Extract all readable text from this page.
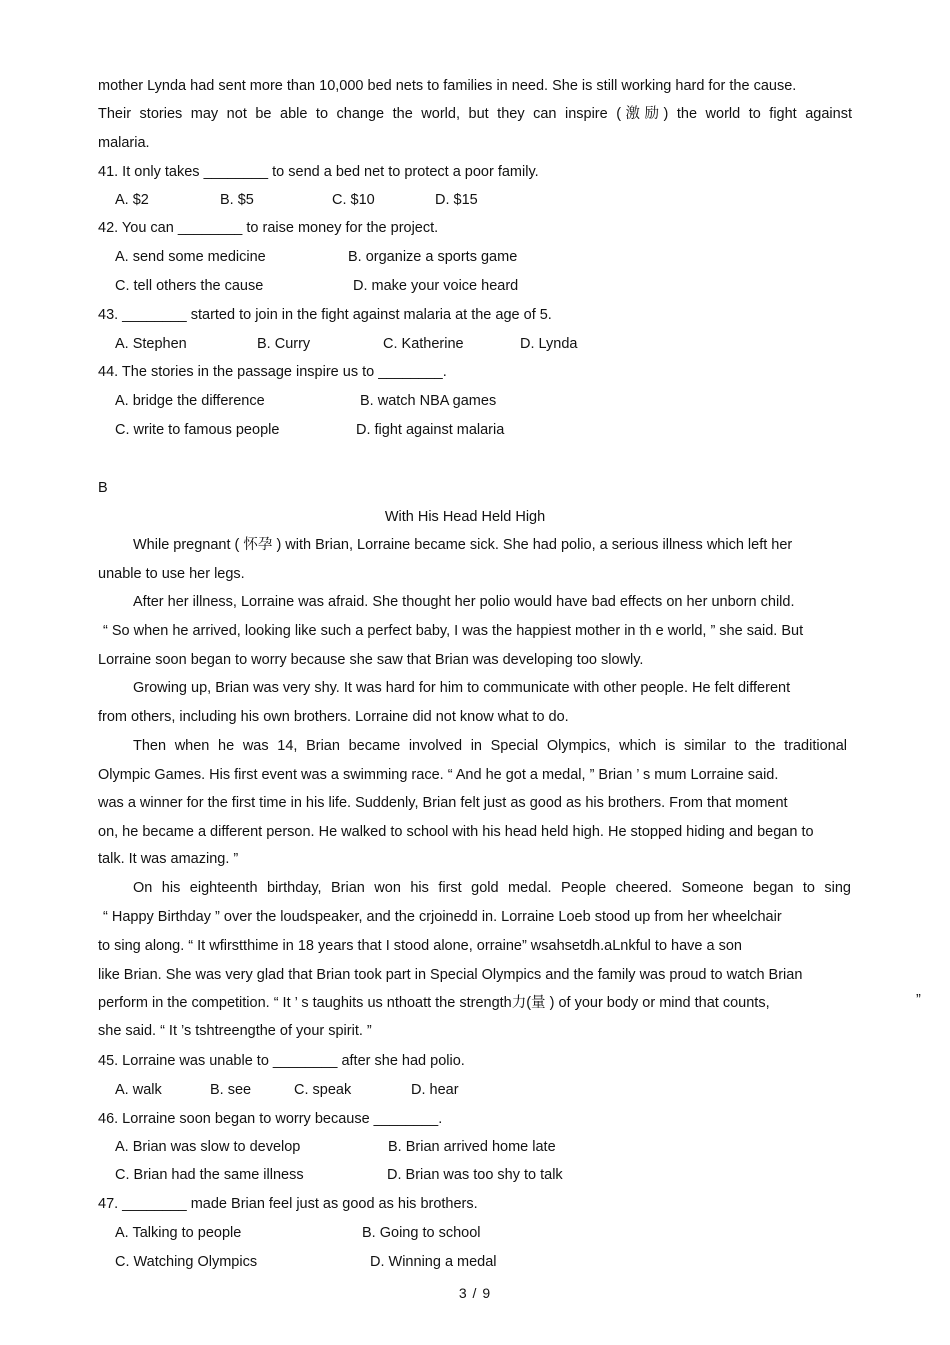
mother Lynda had sent more than 10,000 bed nets to families in need. She is still working hard for the cause.
Their stories may not be able to change the world, but they can inspire (激励) the world to fight against
malaria.
41. It only takes ________ to send a bed net to protect a poor family.
A. $2	B. $5	C. $10	D. $15
42. You can ________ to raise money for the project.
A. send some medicine	B. organize a sports game
C. tell others the cause	D. make your voice heard
43. ________ started to join in the fight against malaria at the age of 5.
A. Stephen	B. Curry	C. Katherine	D. Lynda
44. The stories in the passage inspire us to ________.
A. bridge the difference	B. watch NBA games
C. write to famous people	D. fight against malaria
B
With His Head Held High
While pregnant ( 怀孕 ) with Brian, Lorraine became sick. She had polio, a serious illness which left her
unable to use her legs.
After her illness, Lorraine was afraid. She thought her polio would have bad effects on her unborn child.
“ So when he arrived, looking like such a perfect baby, I was the happiest mother in th e world, ” she said. But
Lorraine soon began to worry because she saw that Brian was developing too slowly.
Growing up, Brian was very shy. It was hard for him to communicate with other people. He felt different
from others, including his own brothers. Lorraine did not know what to do.
Then when he was 14, Brian became involved in Special Olympics, which is similar to the traditional
Olympic Games. His first event was a swimming race. “ And he got a medal, ” Brian ’ s mum Lorraine said.
was a winner for the first time in his life. Suddenly, Brian felt just as good as his brothers. From that moment
on, he became a different person. He walked to school with his head held high. He stopped hiding and began to
talk. It was amazing. ”
On his eighteenth birthday, Brian won his first gold medal. People cheered. Someone began to sing
“ Happy Birthday ” over the loudspeaker, and the crjoinedd in. Lorraine Loeb stood up from her wheelchair
to sing along. “ It wfirstthime in 18 years that I stood alone, orraine” wsahsetdh.aLnkful to have a son
like Brian. She was very glad that Brian took part in Special Olympics and the family was proud to watch Brian
perform in the competition. “ It ’ s taughits us nthoatt the strength力(量 ) of your body or mind that counts,	”
she said. “ It ’s tshtreengthe of your spirit. ”
45. Lorraine was unable to ________ after she had polio.
A. walk	B. see	C. speak	D. hear
46. Lorraine soon began to worry because ________.
A. Brian was slow to develop	B. Brian arrived home late
C. Brian had the same illness	D. Brian was too shy to talk
47. ________ made Brian feel just as good as his brothers.
A. Talking to people	B. Going to school
C. Watching Olympics	D. Winning a medal
3 / 9
